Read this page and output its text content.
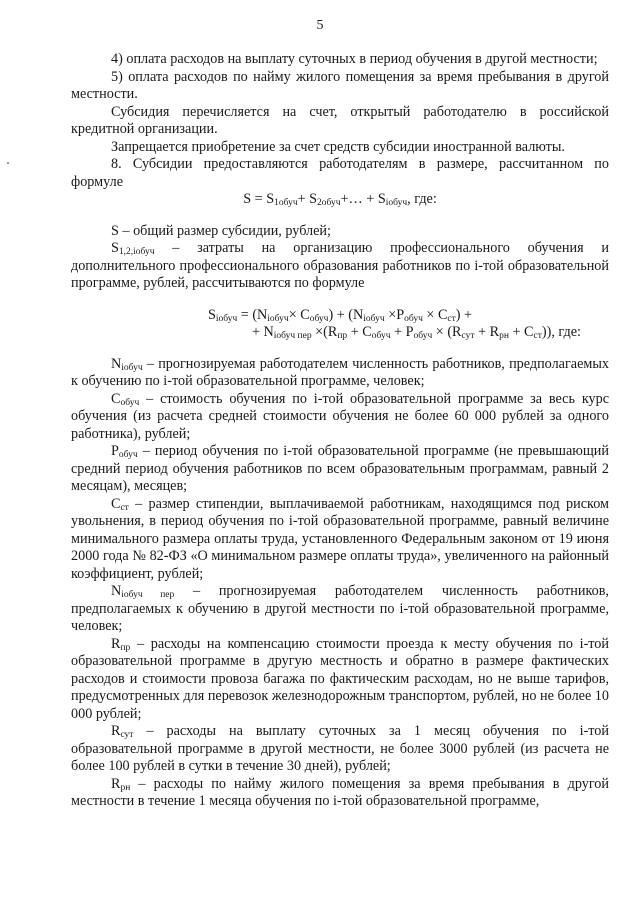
5

4) оплата расходов на выплату суточных в период обучения в другой местности;

5) оплата расходов по найму жилого помещения за время пребывания в другой местности.

Субсидия перечисляется на счет, открытый работодателю в российской кредитной организации.

Запрещается приобретение за счет средств субсидии иностранной валюты.

8. Субсидии предоставляются работодателям в размере, рассчитанном по формуле

$S = S_{1обуч}+$ $S_{2обуч}+\dots + S_{iобуч}$, где:

S – общий размер субсидии, рублей;

$S_{1,2,iобуч}$ – затраты на организацию профессионального обучения и дополнительного профессионального образования работников по i-той образовательной программе, рублей, рассчитываются по формуле

$S_{iобуч} = (N_{iобуч}\times C_{обуч}) + (N_{iобуч} \times P_{обуч} \times C_{ст})$ +

+ $N_{iобуч пер} \times(R_{пр} + C_{обуч} + P_{обуч} \times (R_{сут} + R_{рн} + C_{ст}))$, где:

$N_{iобуч}$ – прогнозируемая работодателем численность работников, предполагаемых к обучению по i-той образовательной программе, человек;

$C_{обуч}$ – стоимость обучения по i-той образовательной программе за весь курс обучения (из расчета средней стоимости обучения не более 60 000 рублей за одного работника), рублей;

$P_{обуч}$ – период обучения по i-той образовательной программе (не превышающий средний период обучения работников по всем образовательным программам, равный 2 месяцам), месяцев;

$C_{ст}$ – размер стипендии, выплачиваемой работникам, находящимся под риском увольнения, в период обучения по i-той образовательной программе, равный величине минимального размера оплаты труда, установленного Федеральным законом от 19 июня 2000 года № 82-ФЗ «О минимальном размере оплаты труда», увеличенного на районный коэффициент, рублей;

$N_{iобуч пер}$ – прогнозируемая работодателем численность работников, предполагаемых к обучению в другой местности по i-той образовательной программе, человек;

$R_{пр}$ – расходы на компенсацию стоимости проезда к месту обучения по i-той образовательной программе в другую местность и обратно в размере фактических расходов и стоимости провоза багажа по фактическим расходам, но не выше тарифов, предусмотренных для перевозок железнодорожным транспортом, рублей, но не более 10 000 рублей;

$R_{сут}$ – расходы на выплату суточных за 1 месяц обучения по i-той образовательной программе в другой местности, не более 3000 рублей (из расчета не более 100 рублей в сутки в течение 30 дней), рублей;

$R_{рн}$ – расходы по найму жилого помещения за время пребывания в другой местности в течение 1 месяца обучения по i-той образовательной программе,
